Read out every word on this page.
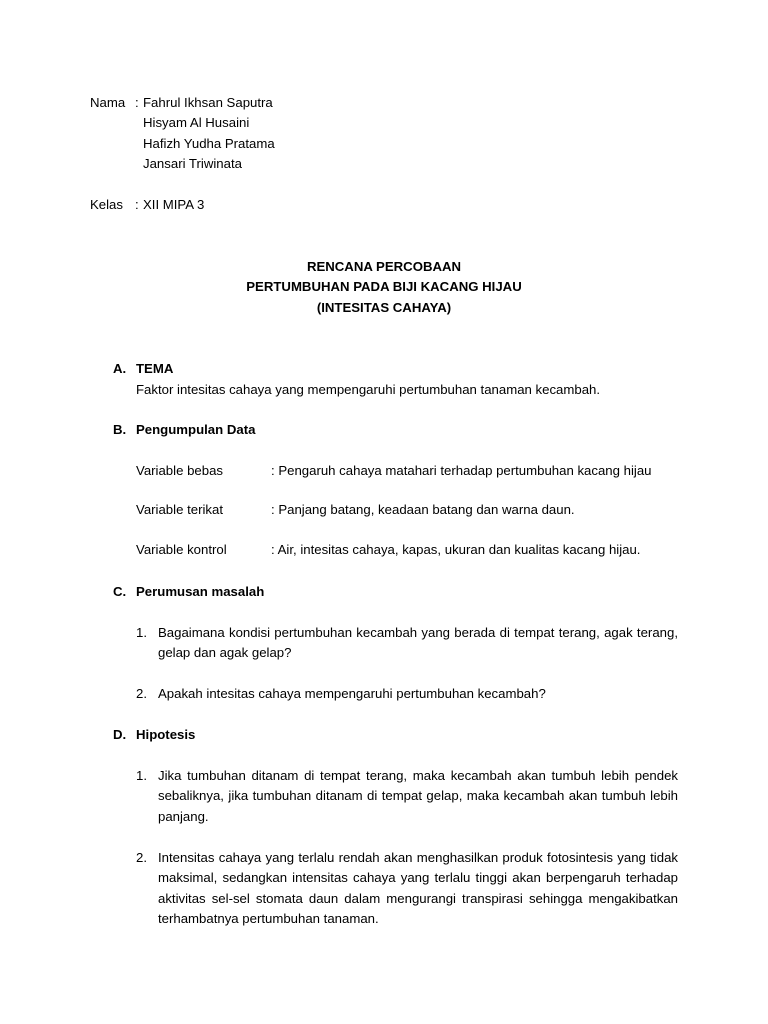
Nama : Fahrul Ikhsan Saputra
Hisyam Al Husaini
Hafizh Yudha Pratama
Jansari Triwinata
Kelas : XII MIPA 3
RENCANA PERCOBAAN
PERTUMBUHAN PADA BIJI KACANG HIJAU
(INTESITAS CAHAYA)
A. TEMA
Faktor intesitas cahaya yang mempengaruhi pertumbuhan tanaman kecambah.
B. Pengumpulan Data
Variable bebas	: Pengaruh cahaya matahari terhadap pertumbuhan kacang hijau
Variable terikat	: Panjang batang, keadaan batang dan warna daun.
Variable kontrol	: Air, intesitas cahaya, kapas, ukuran dan kualitas kacang hijau.
C. Perumusan masalah
1. Bagaimana kondisi pertumbuhan kecambah yang berada di tempat terang, agak terang, gelap dan agak gelap?
2. Apakah intesitas cahaya mempengaruhi pertumbuhan kecambah?
D. Hipotesis
1. Jika tumbuhan ditanam di tempat terang, maka kecambah akan tumbuh lebih pendek sebaliknya, jika tumbuhan ditanam di tempat gelap, maka kecambah akan tumbuh lebih panjang.
2. Intensitas cahaya yang terlalu rendah akan menghasilkan produk fotosintesis yang tidak maksimal, sedangkan intensitas cahaya yang terlalu tinggi akan berpengaruh terhadap aktivitas sel-sel stomata daun dalam mengurangi transpirasi sehingga mengakibatkan terhambatnya pertumbuhan tanaman.
